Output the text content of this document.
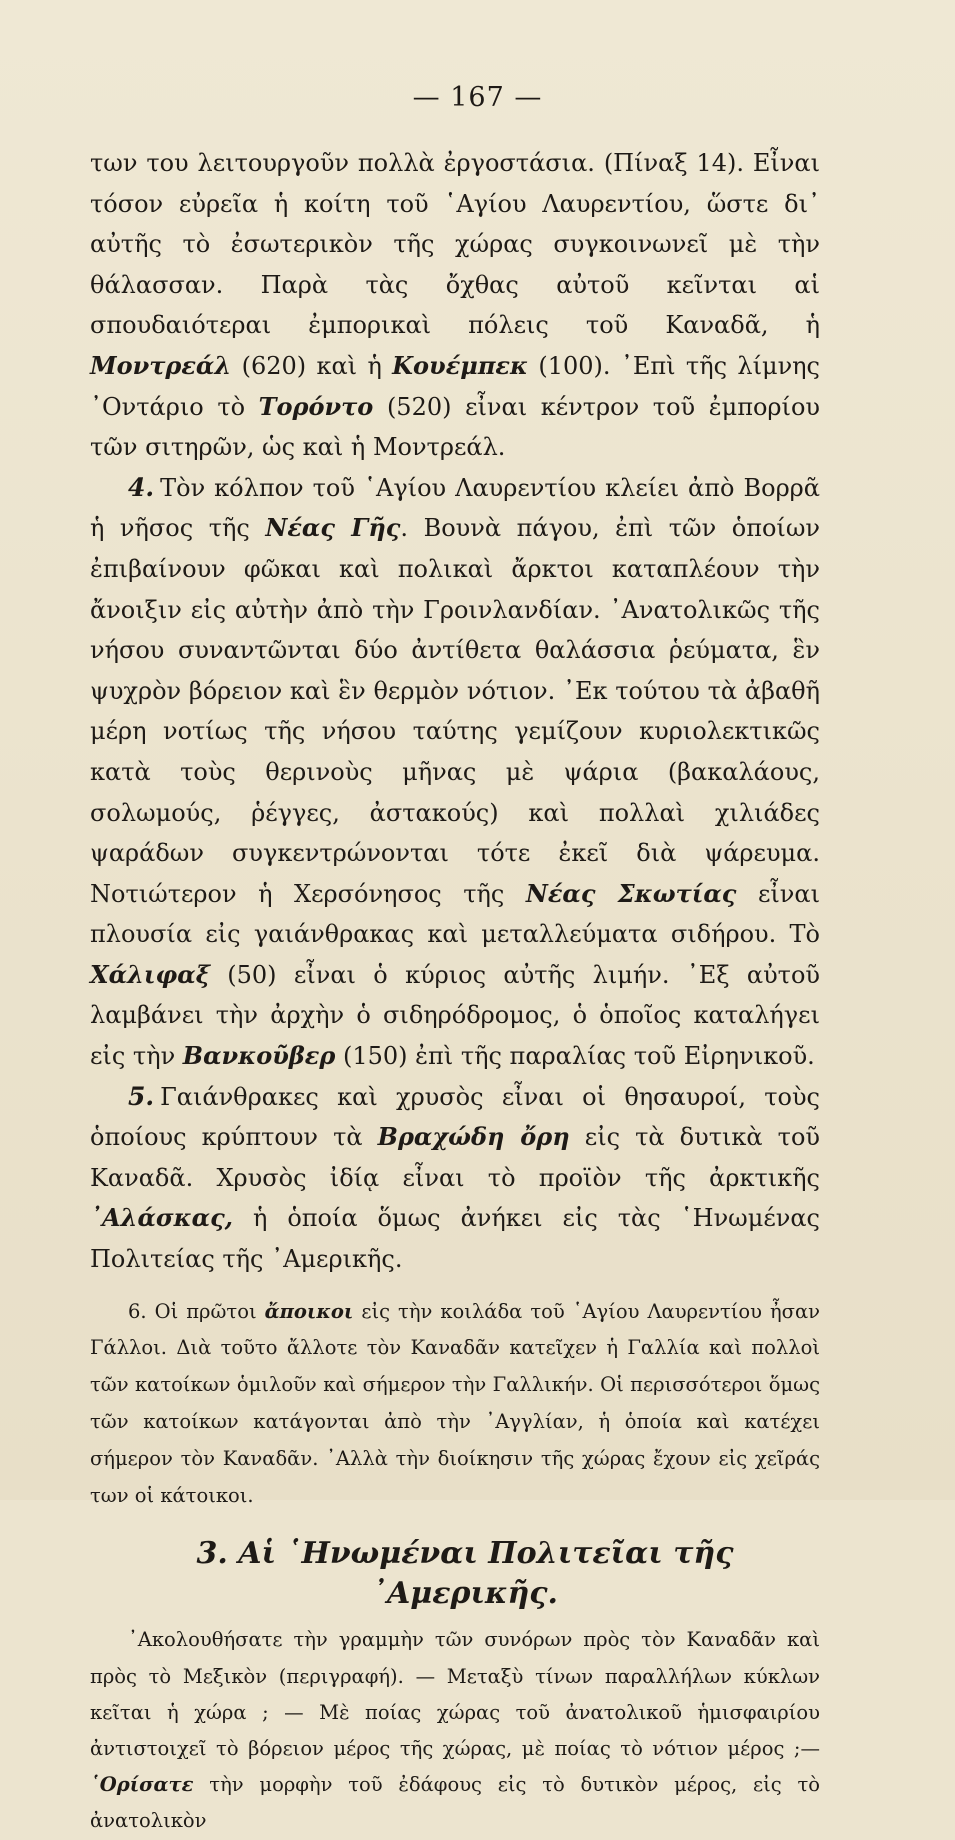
— 167 —

των του λειτουργοῦν πολλὰ ἐργοστάσια. (Πίναξ 14). Εἶναι τόσον εὐρεῖα ἡ κοίτη τοῦ ῾Αγίου Λαυρεντίου, ὥστε δι᾽ αὐτῆς τὸ ἐσωτερικὸν τῆς χώρας συγκοινωνεῖ μὲ τὴν θάλασσαν. Παρὰ τὰς ὄχθας αὐτοῦ κεῖνται αἱ σπουδαιότεραι ἐμπορικαὶ πόλεις τοῦ Καναδᾶ, ἡ Μοντρεάλ (620) καὶ ἡ Κουέμπεκ (100). ᾽Επὶ τῆς λίμνης ᾽Οντάριο τὸ Τορόντο (520) εἶναι κέντρον τοῦ ἐμπορίου τῶν σιτηρῶν, ὡς καὶ ἡ Μοντρεάλ.

4. Τὸν κόλπον τοῦ ῾Αγίου Λαυρεντίου κλείει ἀπὸ Βορρᾶ ἡ νῆσος τῆς Νέας Γῆς. Βουνὰ πάγου, ἐπὶ τῶν ὁποίων ἐπιβαίνουν φῶκαι καὶ πολικαὶ ἄρκτοι καταπλέουν τὴν ἄνοιξιν εἰς αὐτὴν ἀπὸ τὴν Γροινλανδίαν. ᾽Ανατολικῶς τῆς νήσου συναντῶνται δύο ἀντίθετα θαλάσσια ῥεύματα, ἓν ψυχρὸν βόρειον καὶ ἓν θερμὸν νότιον. ᾽Εκ τούτου τὰ ἀβαθῆ μέρη νοτίως τῆς νήσου ταύτης γεμίζουν κυριολεκτικῶς κατὰ τοὺς θερινοὺς μῆνας μὲ ψάρια (βακαλάους, σολωμούς, ῥέγγες, ἀστακούς) καὶ πολλαὶ χιλιάδες ψαράδων συγκεντρώνονται τότε ἐκεῖ διὰ ψάρευμα. Νοτιώτερον ἡ Χερσόνησος τῆς Νέας Σκωτίας εἶναι πλουσία εἰς γαιάνθρακας καὶ μεταλλεύματα σιδήρου. Τὸ Χάλιφαξ (50) εἶναι ὁ κύριος αὐτῆς λιμήν. ᾽Εξ αὐτοῦ λαμβάνει τὴν ἀρχὴν ὁ σιδηρόδρομος, ὁ ὁποῖος καταλήγει εἰς τὴν Βανκοῦβερ (150) ἐπὶ τῆς παραλίας τοῦ Εἰρηνικοῦ.

5. Γαιάνθρακες καὶ χρυσὸς εἶναι οἱ θησαυροί, τοὺς ὁποίους κρύπτουν τὰ Βραχώδη ὄρη εἰς τὰ δυτικὰ τοῦ Καναδᾶ. Χρυσὸς ἰδίᾳ εἶναι τὸ προϊὸν τῆς ἀρκτικῆς ᾽Αλάσκας, ἡ ὁποία ὅμως ἀνήκει εἰς τὰς ῾Ηνωμένας Πολιτείας τῆς ᾽Αμερικῆς.

6. Οἱ πρῶτοι ἄποικοι εἰς τὴν κοιλάδα τοῦ ῾Αγίου Λαυρεντίου ἦσαν Γάλλοι. Διὰ τοῦτο ἄλλοτε τὸν Καναδᾶν κατεῖχεν ἡ Γαλλία καὶ πολλοὶ τῶν κατοίκων ὁμιλοῦν καὶ σήμερον τὴν Γαλλικήν. Οἱ περισσότεροι ὅμως τῶν κατοίκων κατάγονται ἀπὸ τὴν ᾽Αγγλίαν, ἡ ὁποία καὶ κατέχει σήμερον τὸν Καναδᾶν. ᾽Αλλὰ τὴν διοίκησιν τῆς χώρας ἔχουν εἰς χεῖράς των οἱ κάτοικοι.

3. Αἱ ῾Ηνωμέναι Πολιτεῖαι τῆς ᾽Αμερικῆς.

᾽Ακολουθήσατε τὴν γραμμὴν τῶν συνόρων πρὸς τὸν Καναδᾶν καὶ πρὸς τὸ Μεξικὸν (περιγραφή). — Μεταξὺ τίνων παραλλήλων κύκλων κεῖται ἡ χώρα ; — Μὲ ποίας χώρας τοῦ ἀνατολικοῦ ἡμισφαιρίου ἀντιστοιχεῖ τὸ βόρειον μέρος τῆς χώρας, μὲ ποίας τὸ νότιον μέρος ;—῾Ορίσατε τὴν μορφὴν τοῦ ἐδάφους εἰς τὸ δυτικὸν μέρος, εἰς τὸ ἀνατολικὸν
